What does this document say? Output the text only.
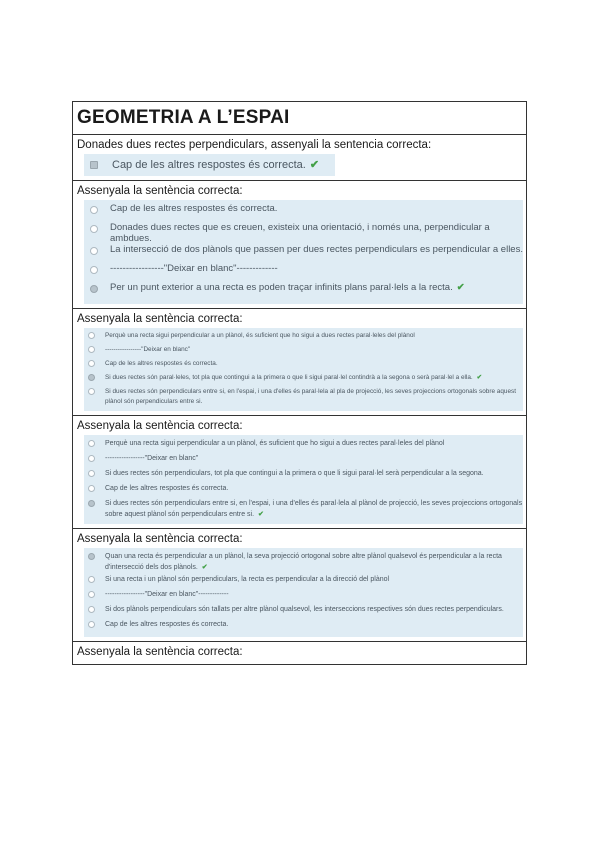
GEOMETRIA A L’ESPAI
Donades dues rectes perpendiculars, assenyali la sentencia correcta:
Cap de les altres respostes és correcta. ✔
Assenyala la sentència correcta:
Cap de les altres respostes és correcta.
Donades dues rectes que es creuen, existeix una orientació, i només una, perpendicular a ambdues.
La intersecció de dos plànols que passen per dues rectes perpendiculars es perpendicular a elles.
-----------------"Deixar en blanc"-------------
Per un punt exterior a una recta es poden traçar infinits plans paral·lels a la recta. ✔
Assenyala la sentència correcta:
Perquè una recta sigui perpendicular a un plànol, és suficient que ho sigui a dues rectes paral·leles del plànol
-----------------"Deixar en blanc"
Cap de les altres respostes és correcta.
Si dues rectes són paral·leles, tot pla que contingui a la primera o que li sigui paral·lel contindrà a la segona o serà paral·lel a ella. ✔
Si dues rectes són perpendiculars entre si, en l'espai, i una d'elles és paral·lela al pla de projecció, les seves projeccions ortogonals sobre aquest plànol són perpendiculars entre si.
Assenyala la sentència correcta:
Perquè una recta sigui perpendicular a un plànol, és suficient que ho sigui a dues rectes paral·leles del plànol
-----------------"Deixar en blanc"
Si dues rectes són perpendiculars, tot pla que contingui a la primera o que li sigui paral·lel serà perpendicular a la segona.
Cap de les altres respostes és correcta.
Si dues rectes són perpendiculars entre si, en l'espai, i una d'elles és paral·lela al plànol de projecció, les seves projeccions ortogonals sobre aquest plànol són perpendiculars entre si. ✔
Assenyala la sentència correcta:
Quan una recta és perpendicular a un plànol, la seva projecció ortogonal sobre altre plànol qualsevol és perpendicular a la recta d'intersecció dels dos plànols. ✔
Si una recta i un plànol són perpendiculars, la recta es perpendicular a la direcció del plànol
-----------------"Deixar en blanc"-------------
Si dos plànols perpendiculars són tallats per altre plànol qualsevol, les interseccions respectives són dues rectes perpendiculars.
Cap de les altres respostes és correcta.
Assenyala la sentència correcta:
